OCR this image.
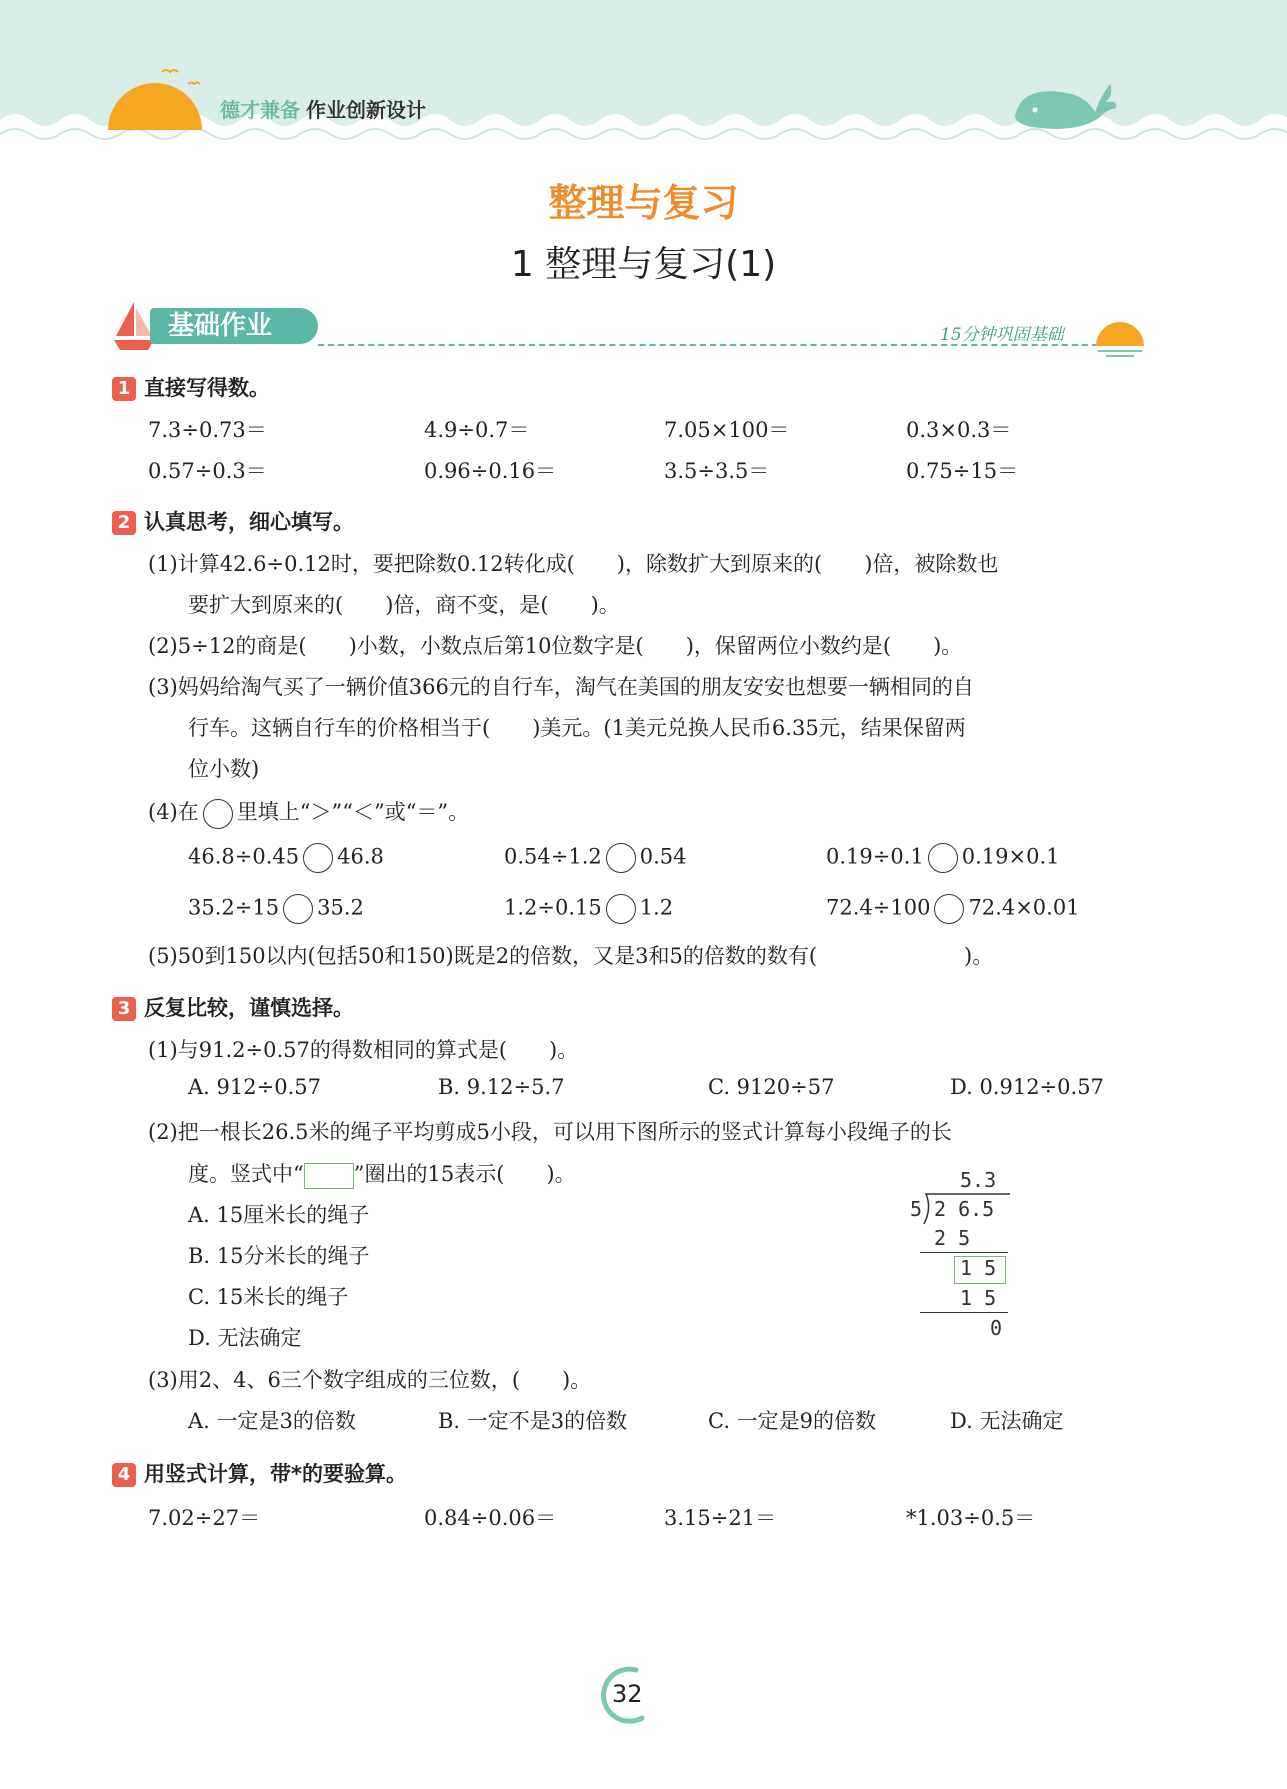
德才兼备 作业创新设计
整理与复习
1 整理与复习(1)
基础作业	15分钟巩固基础
1 直接写得数。
7.3÷0.73＝	4.9÷0.7＝	7.05×100＝	0.3×0.3＝
0.57÷0.3＝	0.96÷0.16＝	3.5÷3.5＝	0.75÷15＝
2 认真思考，细心填写。
(1)计算42.6÷0.12时，要把除数0.12转化成(　　)，除数扩大到原来的(　　)倍，被除数也
要扩大到原来的(　　)倍，商不变，是(　　)。
(2)5÷12的商是(　　)小数，小数点后第10位数字是(　　)，保留两位小数约是(　　)。
(3)妈妈给淘气买了一辆价值366元的自行车，淘气在美国的朋友安安也想要一辆相同的自
行车。这辆自行车的价格相当于(　　)美元。(1美元兑换人民币6.35元，结果保留两
位小数)
(4)在 里填上“＞”“＜”或“＝”。
46.8÷0.45 46.8	0.54÷1.2 0.54	0.19÷0.1 0.19×0.1
35.2÷15 35.2	1.2÷0.15 1.2	72.4÷100 72.4×0.01
(5)50到150以内(包括50和150)既是2的倍数，又是3和5的倍数的数有(　　　　　　　)。
3 反复比较，谨慎选择。
(1)与91.2÷0.57的得数相同的算式是(　　)。
A. 912÷0.57	B. 9.12÷5.7	C. 9120÷57	D. 0.912÷0.57
(2)把一根长26.5米的绳子平均剪成5小段，可以用下图所示的竖式计算每小段绳子的长
度。竖式中“ ”圈出的15表示(　　)。
A. 15厘米长的绳子
B. 15分米长的绳子
C. 15米长的绳子
D. 无法确定
5.3
5 2 6.5
2 5
1 5
1 5
0
(3)用2、4、6三个数字组成的三位数，(　　)。
A. 一定是3的倍数	B. 一定不是3的倍数	C. 一定是9的倍数	D. 无法确定
4 用竖式计算，带*的要验算。
7.02÷27＝	0.84÷0.06＝	3.15÷21＝	*1.03÷0.5＝
32
